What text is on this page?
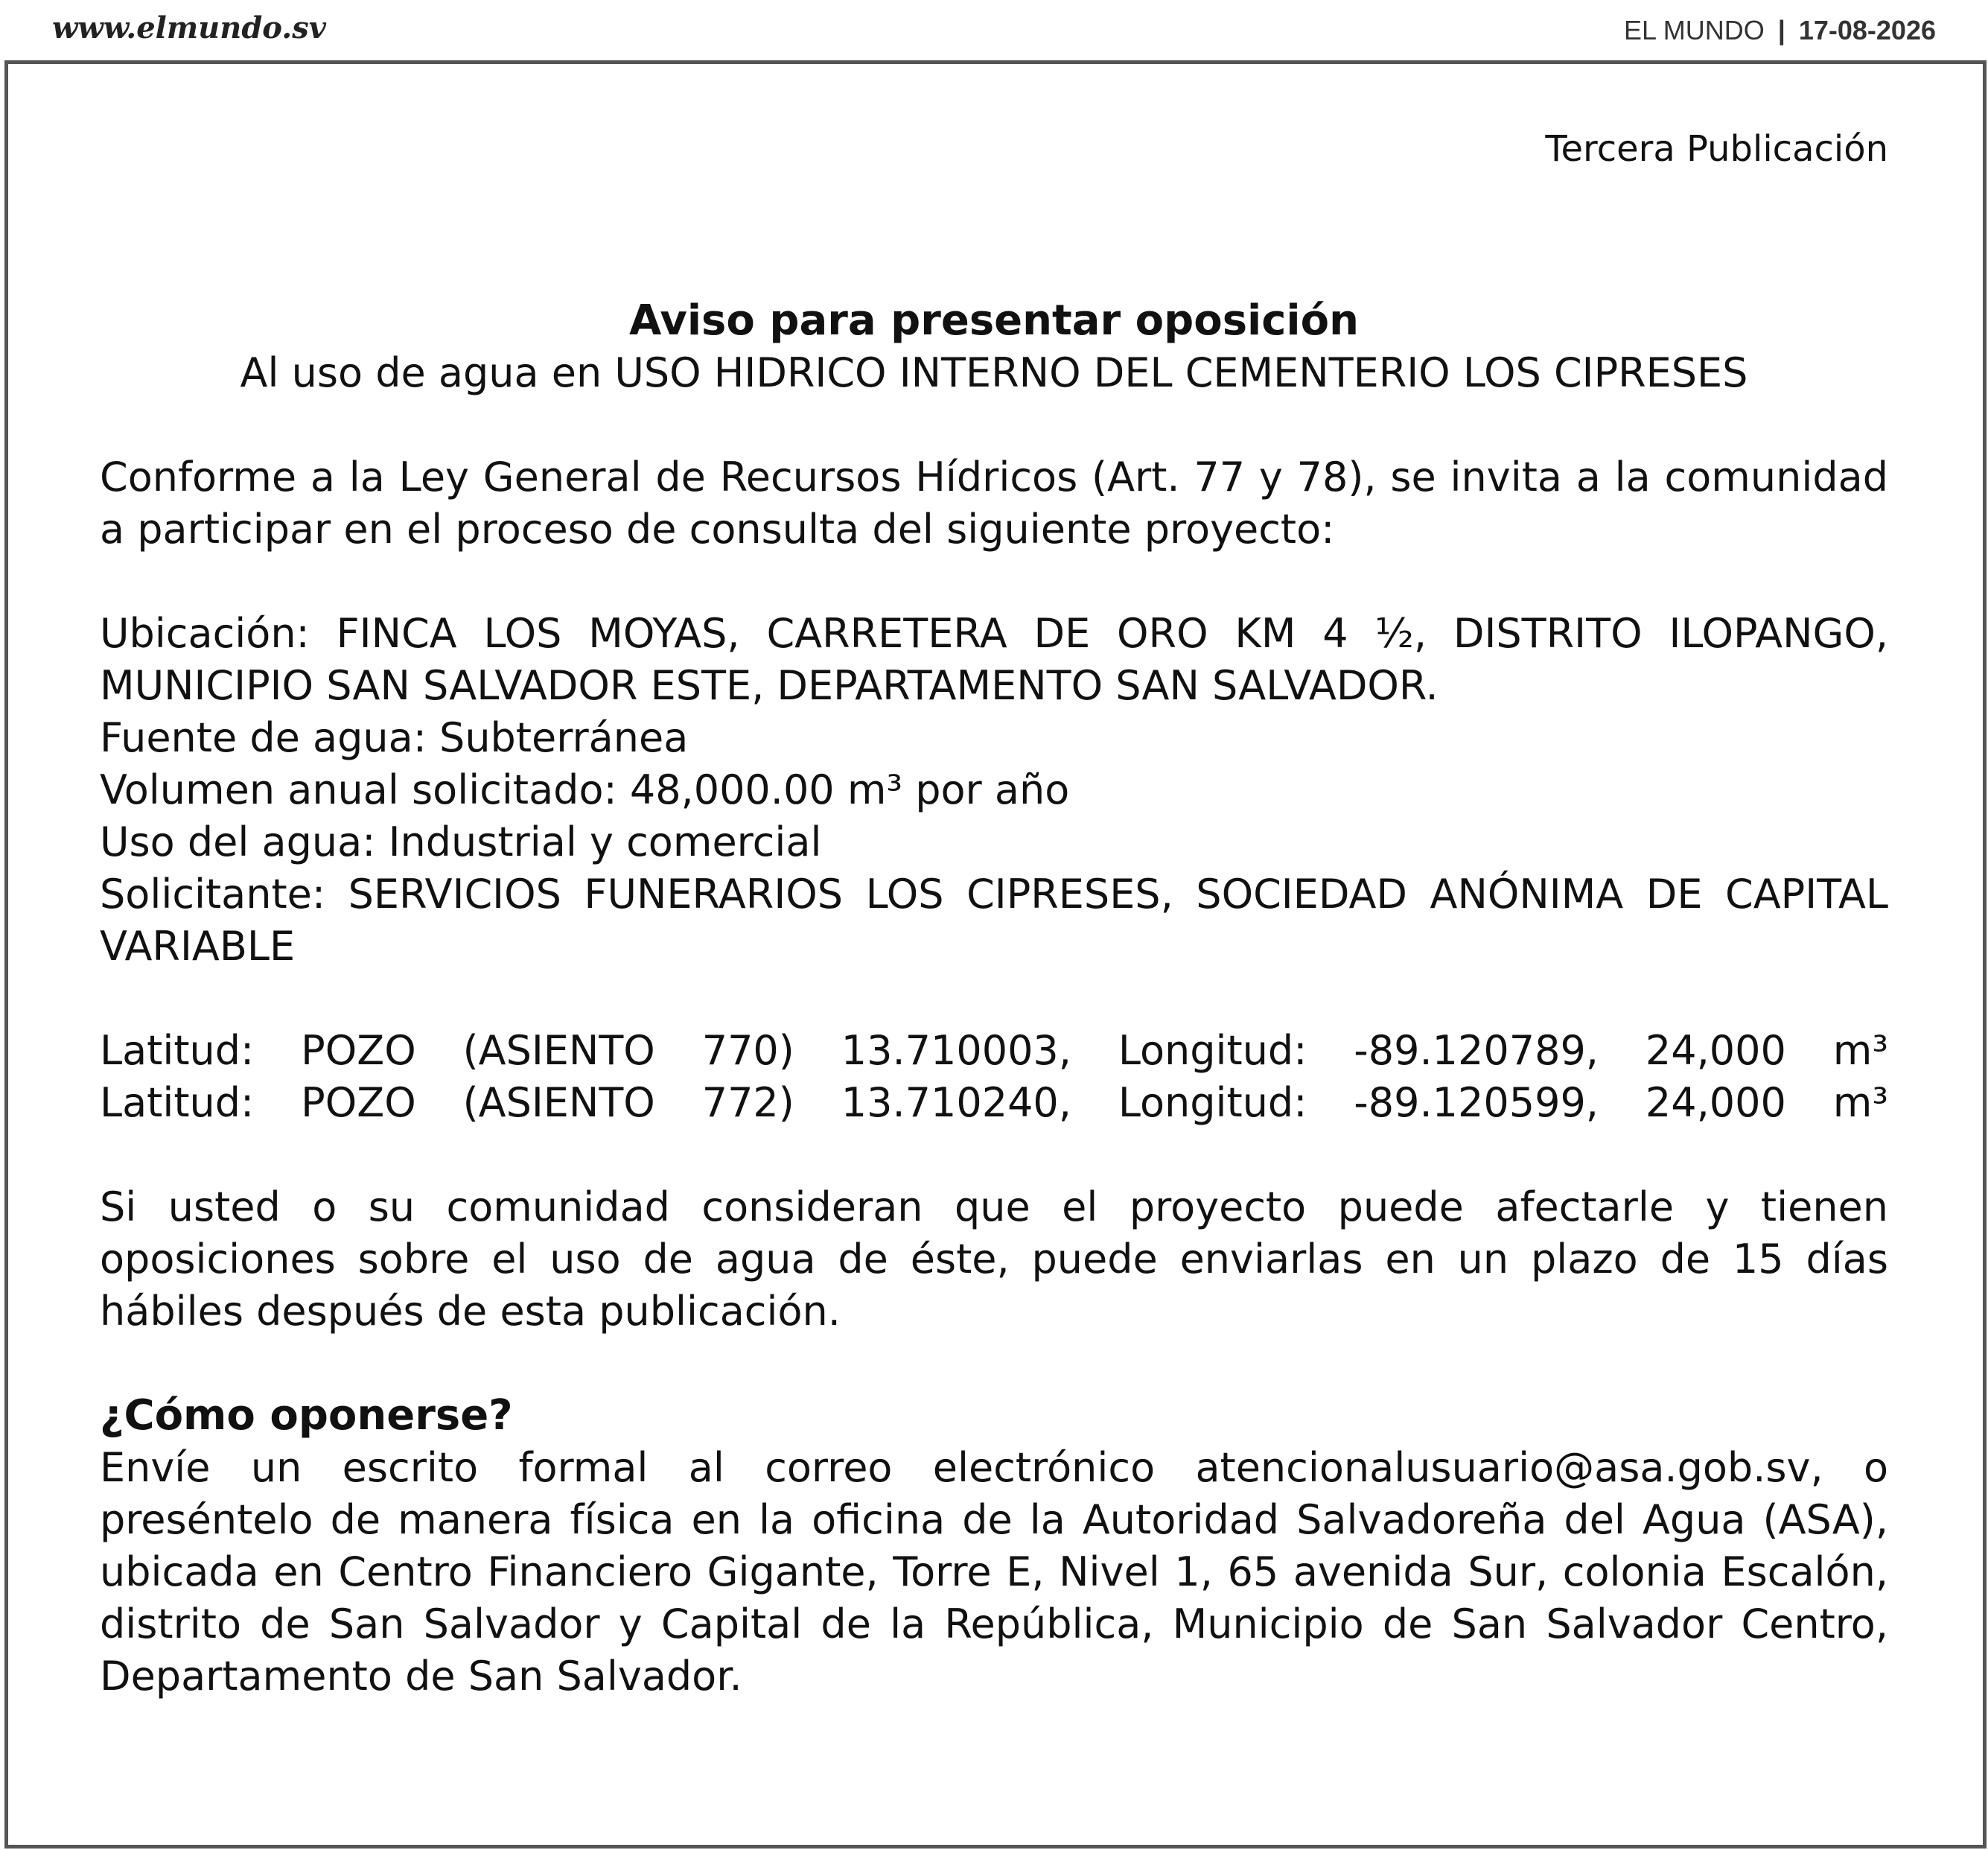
www.elmundo.sv	EL MUNDO | 17-08-2026
Tercera Publicación
Aviso para presentar oposición
Al uso de agua en USO HIDRICO INTERNO DEL CEMENTERIO LOS CIPRESES

Conforme a la Ley General de Recursos Hídricos (Art. 77 y 78), se invita a la comunidad a participar en el proceso de consulta del siguiente proyecto:

Ubicación: FINCA LOS MOYAS, CARRETERA DE ORO KM 4 ½, DISTRITO ILOPANGO, MUNICIPIO SAN SALVADOR ESTE, DEPARTAMENTO SAN SALVADOR.

Fuente de agua: Subterránea
Volumen anual solicitado: 48,000.00 m³ por año
Uso del agua: Industrial y comercial

Solicitante: SERVICIOS FUNERARIOS LOS CIPRESES, SOCIEDAD ANÓNIMA DE CAPITAL VARIABLE

Latitud: POZO (ASIENTO 770) 13.710003, Longitud: -89.120789, 24,000 m³
Latitud: POZO (ASIENTO 772) 13.710240, Longitud: -89.120599, 24,000 m³

Si usted o su comunidad consideran que el proyecto puede afectarle y tienen oposiciones sobre el uso de agua de éste, puede enviarlas en un plazo de 15 días hábiles después de esta publicación.

¿Cómo oponerse?

Envíe un escrito formal al correo electrónico atencionalusuario@asa.gob.sv, o preséntelo de manera física en la oficina de la Autoridad Salvadoreña del Agua (ASA), ubicada en Centro Financiero Gigante, Torre E, Nivel 1, 65 avenida Sur, colonia Escalón, distrito de San Salvador y Capital de la República, Municipio de San Salvador Centro, Departamento de San Salvador.
